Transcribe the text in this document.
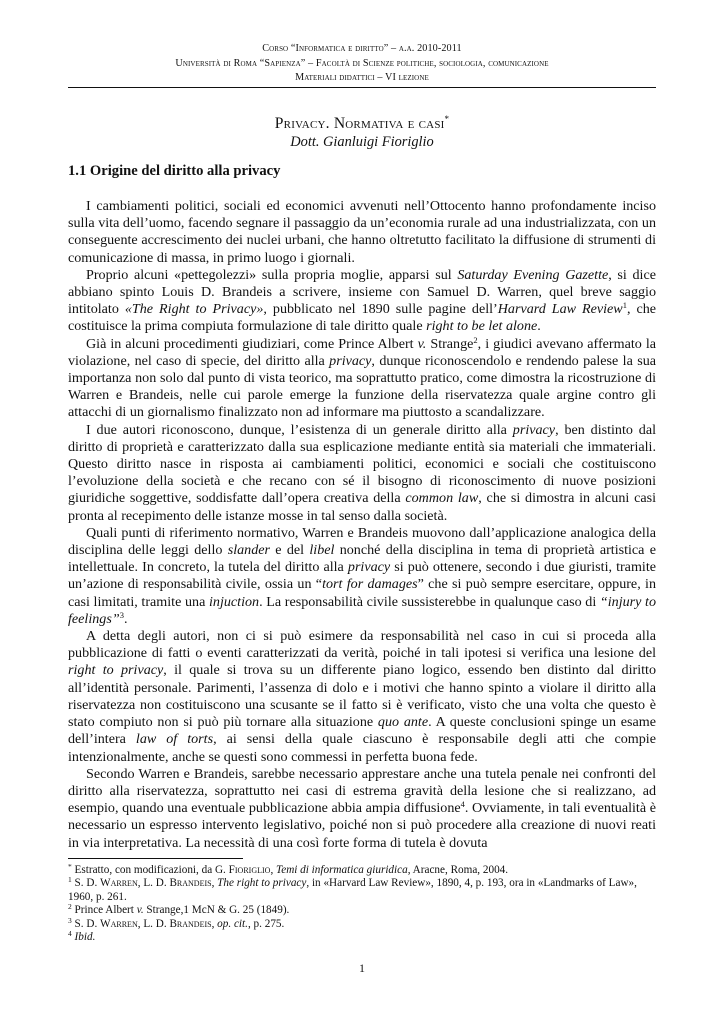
Corso “Informatica e diritto” – a.a. 2010-2011
Università di Roma “Sapienza” – Facoltà di Scienze politiche, sociologia, comunicazione
Materiali didattici – VI lezione
Privacy. Normativa e casi*
Dott. Gianluigi Fioriglio
1.1 Origine del diritto alla privacy

I cambiamenti politici, sociali ed economici avvenuti nell’Ottocento hanno profondamente inciso sulla vita dell’uomo, facendo segnare il passaggio da un’economia rurale ad una industrializzata, con un conseguente accrescimento dei nuclei urbani, che hanno oltretutto facilitato la diffusione di strumenti di comunicazione di massa, in primo luogo i giornali.

Proprio alcuni «pettegolezzi» sulla propria moglie, apparsi sul Saturday Evening Gazette, si dice abbiano spinto Louis D. Brandeis a scrivere, insieme con Samuel D. Warren, quel breve saggio intitolato «The Right to Privacy», pubblicato nel 1890 sulle pagine dell’Harvard Law Review$^1$, che costituisce la prima compiuta formulazione di tale diritto quale right to be let alone.

Già in alcuni procedimenti giudiziari, come Prince Albert v. Strange$^2$, i giudici avevano affermato la violazione, nel caso di specie, del diritto alla privacy, dunque riconoscendolo e rendendo palese la sua importanza non solo dal punto di vista teorico, ma soprattutto pratico, come dimostra la ricostruzione di Warren e Brandeis, nelle cui parole emerge la funzione della riservatezza quale argine contro gli attacchi di un giornalismo finalizzato non ad informare ma piuttosto a scandalizzare.

I due autori riconoscono, dunque, l’esistenza di un generale diritto alla privacy, ben distinto dal diritto di proprietà e caratterizzato dalla sua esplicazione mediante entità sia materiali che immateriali. Questo diritto nasce in risposta ai cambiamenti politici, economici e sociali che costituiscono l’evoluzione della società e che recano con sé il bisogno di riconoscimento di nuove posizioni giuridiche soggettive, soddisfatte dall’opera creativa della common law, che si dimostra in alcuni casi pronta al recepimento delle istanze mosse in tal senso dalla società.

Quali punti di riferimento normativo, Warren e Brandeis muovono dall’applicazione analogica della disciplina delle leggi dello slander e del libel nonché della disciplina in tema di proprietà artistica e intellettuale. In concreto, la tutela del diritto alla privacy si può ottenere, secondo i due giuristi, tramite un’azione di responsabilità civile, ossia un “tort for damages” che si può sempre esercitare, oppure, in casi limitati, tramite una injuction. La responsabilità civile sussisterebbe in qualunque caso di “injury to feelings”$^3$.

A detta degli autori, non ci si può esimere da responsabilità nel caso in cui si proceda alla pubblicazione di fatti o eventi caratterizzati da verità, poiché in tali ipotesi si verifica una lesione del right to privacy, il quale si trova su un differente piano logico, essendo ben distinto dal diritto all’identità personale. Parimenti, l’assenza di dolo e i motivi che hanno spinto a violare il diritto alla riservatezza non costituiscono una scusante se il fatto si è verificato, visto che una volta che questo è stato compiuto non si può più tornare alla situazione quo ante. A queste conclusioni spinge un esame dell’intera law of torts, ai sensi della quale ciascuno è responsabile degli atti che compie intenzionalmente, anche se questi sono commessi in perfetta buona fede.

Secondo Warren e Brandeis, sarebbe necessario apprestare anche una tutela penale nei confronti del diritto alla riservatezza, soprattutto nei casi di estrema gravità della lesione che si realizzano, ad esempio, quando una eventuale pubblicazione abbia ampia diffusione$^4$. Ovviamente, in tali eventualità è necessario un espresso intervento legislativo, poiché non si può procedere alla creazione di nuovi reati in via interpretativa. La necessità di una così forte forma di tutela è dovuta

* Estratto, con modificazioni, da G. Fioriglio, Temi di informatica giuridica, Aracne, Roma, 2004.
$^1$ S. D. Warren, L. D. Brandeis, The right to privacy, in «Harvard Law Review», 1890, 4, p. 193, ora in «Landmarks of Law», 1960, p. 261.
$^2$ Prince Albert v. Strange,1 McN & G. 25 (1849).
$^3$ S. D. Warren, L. D. Brandeis, op. cit., p. 275.
$^4$ Ibid.
1
